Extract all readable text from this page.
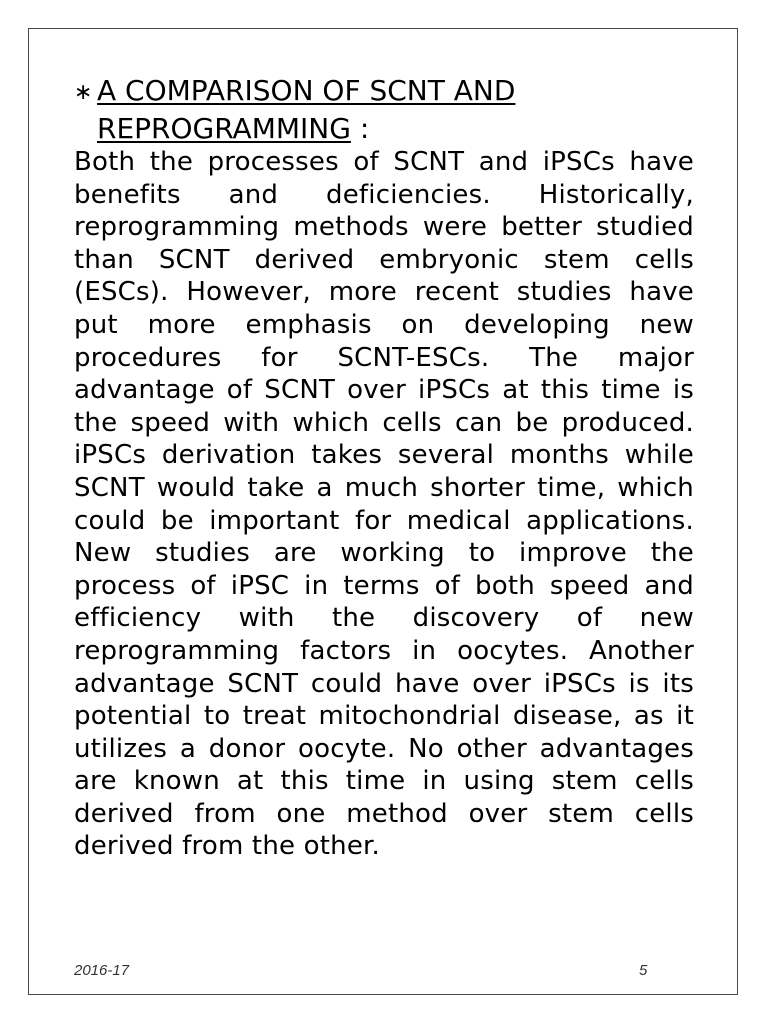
∗ A COMPARISON OF SCNT AND
REPROGRAMMING :

Both the processes of SCNT and iPSCs have benefits and deficiencies. Historically, reprogramming methods were better studied than SCNT derived embryonic stem cells (ESCs). However, more recent studies have put more emphasis on developing new procedures for SCNT-ESCs. The major advantage of SCNT over iPSCs at this time is the speed with which cells can be produced. iPSCs derivation takes several months while SCNT would take a much shorter time, which could be important for medical applications. New studies are working to improve the process of iPSC in terms of both speed and efficiency with the discovery of new reprogramming factors in oocytes. Another advantage SCNT could have over iPSCs is its potential to treat mitochondrial disease, as it utilizes a donor oocyte. No other advantages are known at this time in using stem cells derived from one method over stem cells derived from the other.

2016-17	5
